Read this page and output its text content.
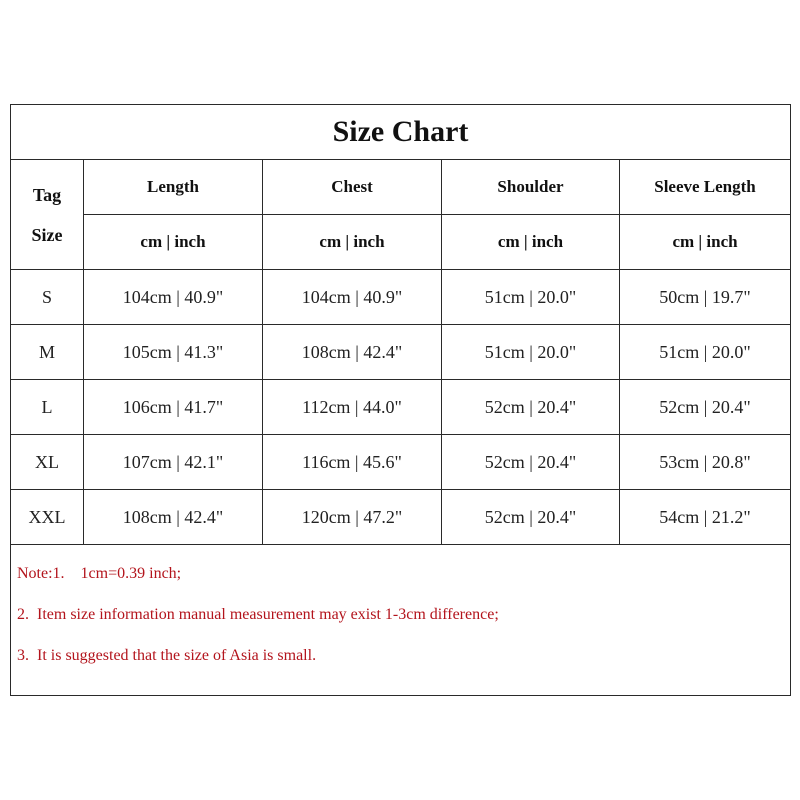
Size Chart				

Tag
Size	Length	Chest	Shoulder	Sleeve Length
	cm | inch	cm | inch	cm | inch	cm | inch
S	104cm | 40.9"	104cm | 40.9"	51cm | 20.0"	50cm | 19.7"
M	105cm | 41.3"	108cm | 42.4"	51cm | 20.0"	51cm | 20.0"
L	106cm | 41.7"	112cm | 44.0"	52cm | 20.4"	52cm | 20.4"
XL	107cm | 42.1"	116cm | 45.6"	52cm | 20.4"	53cm | 20.8"
XXL	108cm | 42.4"	120cm | 47.2"	52cm | 20.4"	54cm | 21.2"

Note:1.    1cm=0.39 inch;

2.  Item size information manual measurement may exist 1-3cm difference;

3.  It is suggested that the size of Asia is small.				
